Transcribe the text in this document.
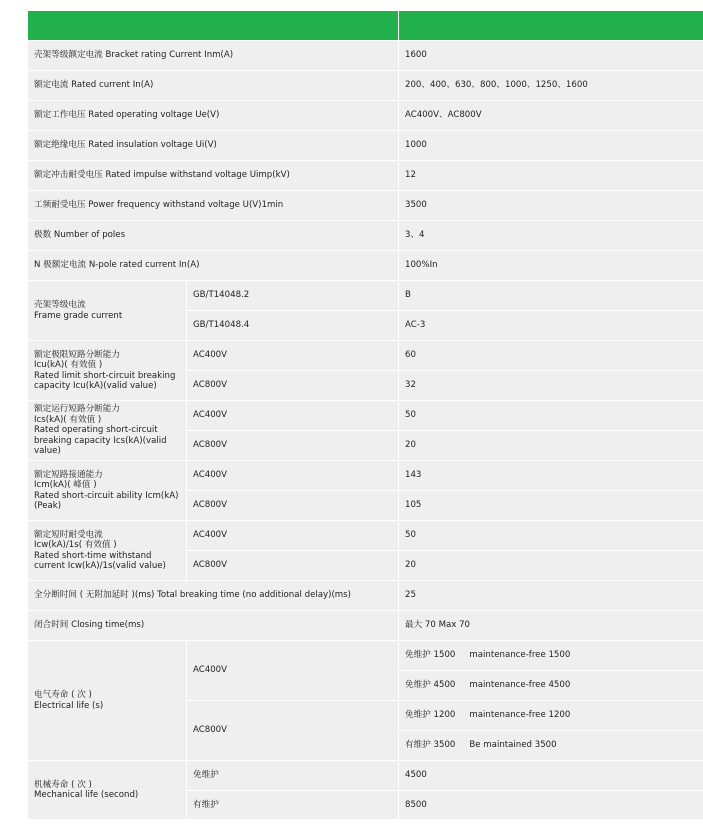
壳架等级额定电流 Bracket rating Current Inm(A)		1600
额定电流 Rated current In(A)		200、400、630、800、1000、1250、1600
额定工作电压 Rated operating voltage Ue(V)		AC400V、AC800V
额定绝缘电压 Rated insulation voltage Ui(V)		1000
额定冲击耐受电压 Rated impulse withstand voltage Uimp(kV)		12
工频耐受电压 Power frequency withstand voltage U(V)1min		3500
极数 Number of poles		3、4
N 极额定电流 N-pole rated current In(A)		100%In

壳架等级电流
Frame grade current	GB/T14048.2	B
	GB/T14048.4	AC-3

额定极限短路分断能力
Icu(kA)( 有效值 )
Rated limit short-circuit breaking capacity Icu(kA)(valid value)	AC400V	60
	AC800V	32

额定运行短路分断能力
Ics(kA)( 有效值 )
Rated operating short-circuit breaking capacity Ics(kA)(valid value)	AC400V	50
	AC800V	20

额定短路接通能力
Icm(kA)( 峰值 )
Rated short-circuit ability Icm(kA) (Peak)	AC400V	143
	AC800V	105

额定短时耐受电流
Icw(kA)/1s( 有效值 )
Rated short-time withstand current Icw(kA)/1s(valid value)	AC400V	50
	AC800V	20
全分断时间 ( 无附加延时 )(ms) Total breaking time (no additional delay)(ms)		25
闭合时间 Closing time(ms)		最大 70 Max 70

电气寿命 ( 次 )
Electrical life (s)	AC400V	免维护 1500 maintenance-free 1500
		免维护 4500 maintenance-free 4500
	AC800V	免维护 1200 maintenance-free 1200
		有维护 3500 Be maintained 3500

机械寿命 ( 次 )
Mechanical life (second)	免维护	4500
	有维护	8500
